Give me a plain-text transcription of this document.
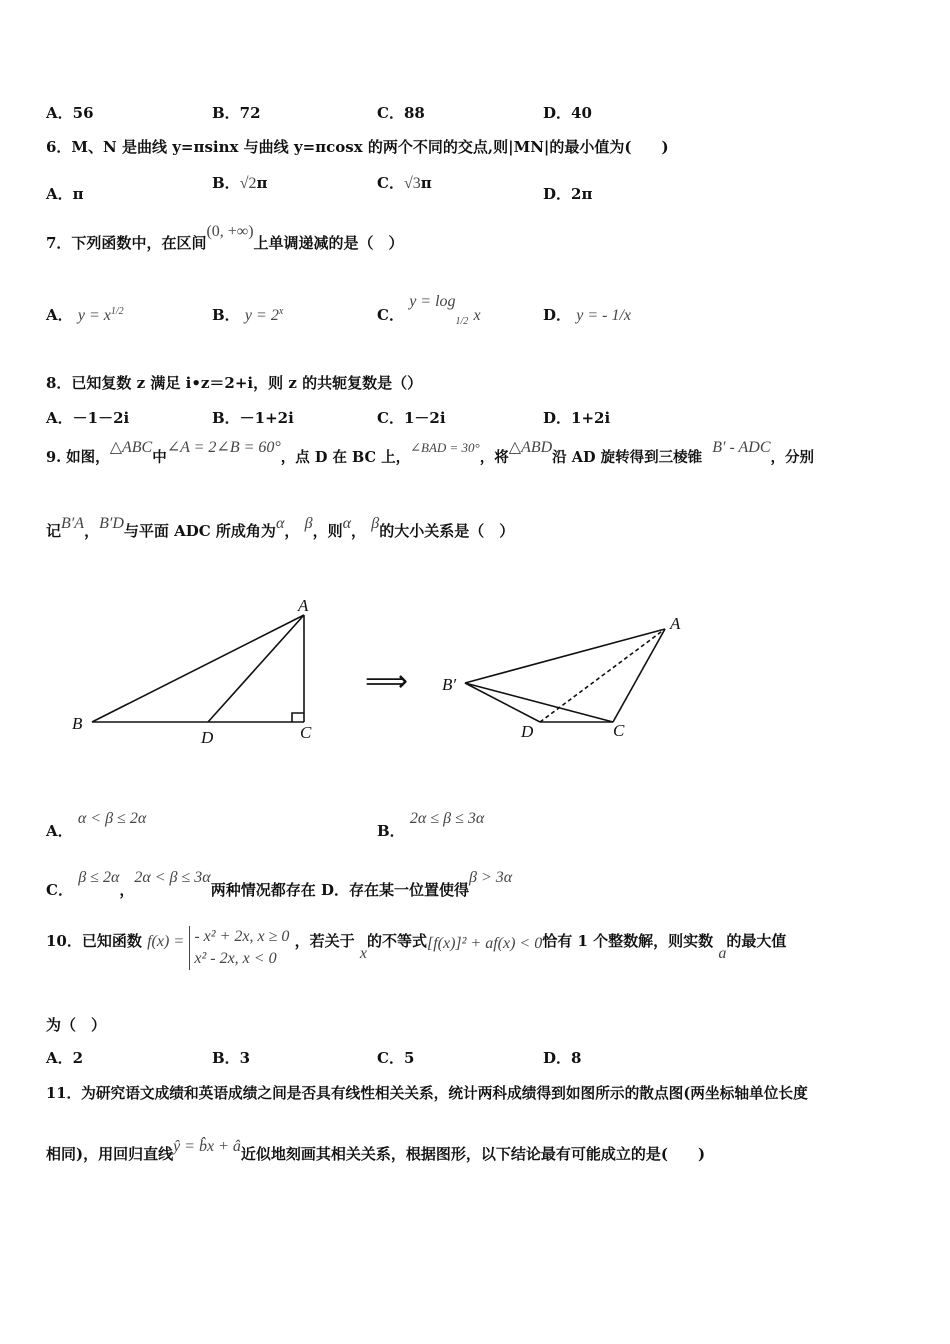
A．56	B．72	C．88	D．40
6．M、N 是曲线 y=πsinx 与曲线 y=πcosx 的两个不同的交点,则|MN|的最小值为(　　)
A．π
B．√2π	C．√3π
D．2π
7．下列函数中，在区间(0, +∞)上单调递减的是（　）
A． $y = x^{1/2}$	B． $y = 2^x$	C． $y = \log_{1/2} x$	D． y = - 1/x
8．已知复数 z 满足 i•z＝2+i，则 z 的共轭复数是（）
A．－1－2i	B．－1+2i	C．1－2i	D．1+2i
9. 如图，△ABC中∠A = 2∠B = 60°，点 D 在 BC 上，∠BAD = 30°，将△ABD沿 AD 旋转得到三棱锥  B′ - ADC，分别
记B′A，B′D与平面 ADC 所成角为α， β，则α， β的大小关系是（　）
A
B
D	C
⟹
A
B′
D	C
A． α < β ≤ 2α
B． 2α ≤ β ≤ 3α
C． β ≤ 2α，2α < β ≤ 3α两种情况都存在 D．存在某一位置使得β > 3α
10．已知函数 f(x) = - x² + 2x, x ≥ 0
x² - 2x, x < 0 ，若关于 x的不等式[f(x)]² + af(x) < 0恰有 1 个整数解，则实数 a的最大值
为（　）
A．2	B．3	C．5	D．8
11．为研究语文成绩和英语成绩之间是否具有线性相关关系，统计两科成绩得到如图所示的散点图(两坐标轴单位长度
相同)，用回归直线ŷ = b̂x + â近似地刻画其相关关系，根据图形，以下结论最有可能成立的是(　　)
